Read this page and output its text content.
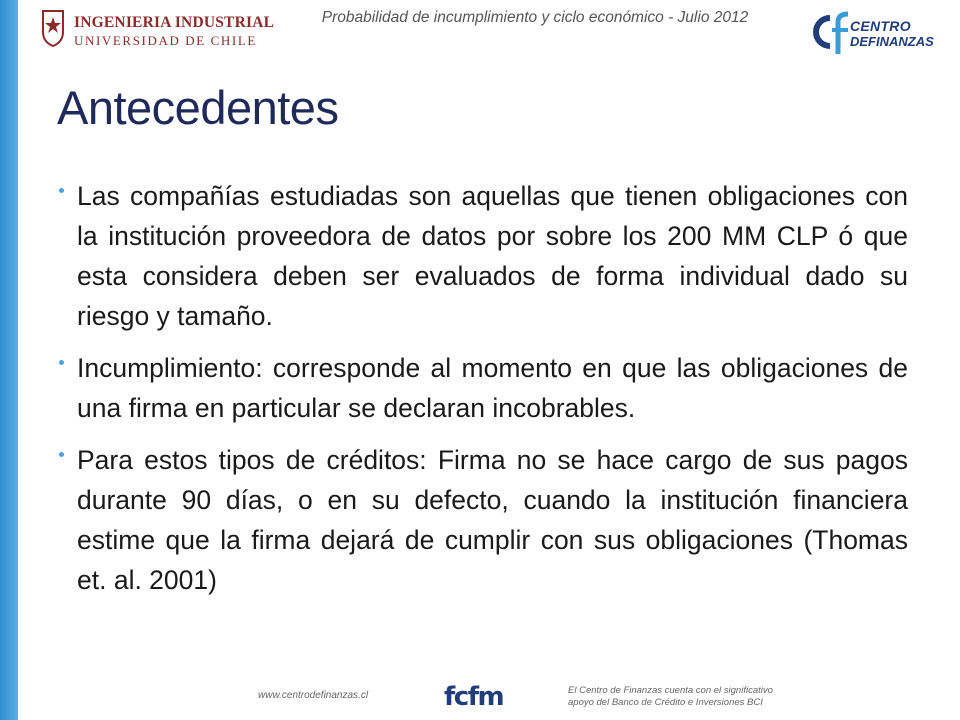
INGENIERIA INDUSTRIAL
UNIVERSIDAD DE CHILE
Probabilidad de incumplimiento y ciclo económico - Julio 2012	CENTRO
DEFINANZAS
Antecedentes
Las compañías estudiadas son aquellas que tienen obligaciones con la institución proveedora de datos por sobre los 200 MM CLP ó que esta considera deben ser evaluados de forma individual dado su riesgo y tamaño.
Incumplimiento: corresponde al momento en que las obligaciones de una firma en particular se declaran incobrables.
Para estos tipos de créditos: Firma no se hace cargo de sus pagos durante 90 días, o en su defecto, cuando la institución financiera estime que la firma dejará de cumplir con sus obligaciones (Thomas et. al. 2001)
www.centrodefinanzas.cl	fcfm	El Centro de Finanzas cuenta con el significativo
apoyo del Banco de Crédito e Inversiones BCI
